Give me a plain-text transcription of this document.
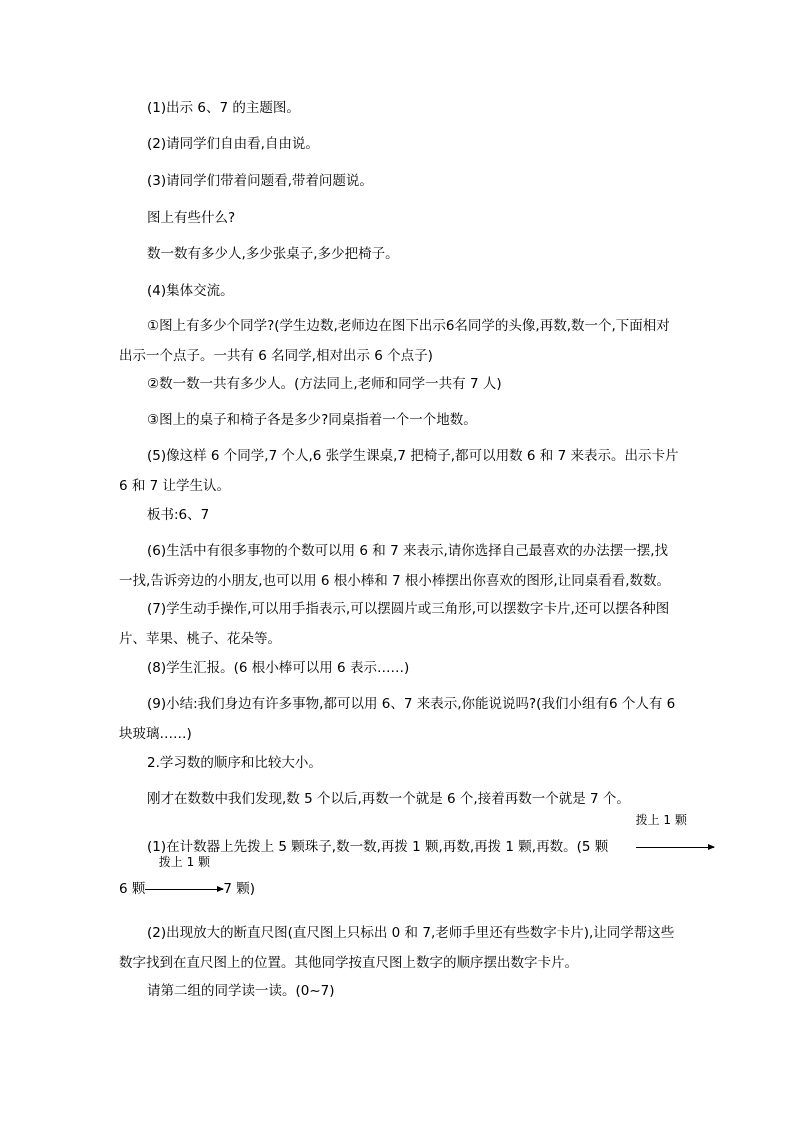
(1)出示 6、7 的主题图。
(2)请同学们自由看,自由说。
(3)请同学们带着问题看,带着问题说。
图上有些什么?
数一数有多少人,多少张桌子,多少把椅子。
(4)集体交流。
①图上有多少个同学?(学生边数,老师边在图下出示6名同学的头像,再数,数一个,下面相对出示一个点子。一共有 6 名同学,相对出示 6 个点子)
②数一数一共有多少人。(方法同上,老师和同学一共有 7 人)
③图上的桌子和椅子各是多少?同桌指着一个一个地数。
(5)像这样 6 个同学,7 个人,6 张学生课桌,7 把椅子,都可以用数 6 和 7 来表示。出示卡片 6 和 7 让学生认。
板书:6、7
(6)生活中有很多事物的个数可以用 6 和 7 来表示,请你选择自己最喜欢的办法摆一摆,找一找,告诉旁边的小朋友,也可以用 6 根小棒和 7 根小棒摆出你喜欢的图形,让同桌看看,数数。
(7)学生动手操作,可以用手指表示,可以摆圆片或三角形,可以摆数字卡片,还可以摆各种图片、苹果、桃子、花朵等。
(8)学生汇报。(6 根小棒可以用 6 表示……)
(9)小结:我们身边有许多事物,都可以用 6、7 来表示,你能说说吗?(我们小组有6 个人有 6 块玻璃……)
2.学习数的顺序和比较大小。
刚才在数数中我们发现,数 5 个以后,再数一个就是 6 个,接着再数一个就是 7 个。
(1)在计数器上先拨上 5 颗珠子,数一数,再拨 1 颗,再数,再拨 1 颗,再数。(5 颗
拨上 1 颗
6 颗
拨上 1 颗
7 颗)
(2)出现放大的断直尺图(直尺图上只标出 0 和 7,老师手里还有些数字卡片),让同学帮这些数字找到在直尺图上的位置。其他同学按直尺图上数字的顺序摆出数字卡片。
请第二组的同学读一读。(0~7)
